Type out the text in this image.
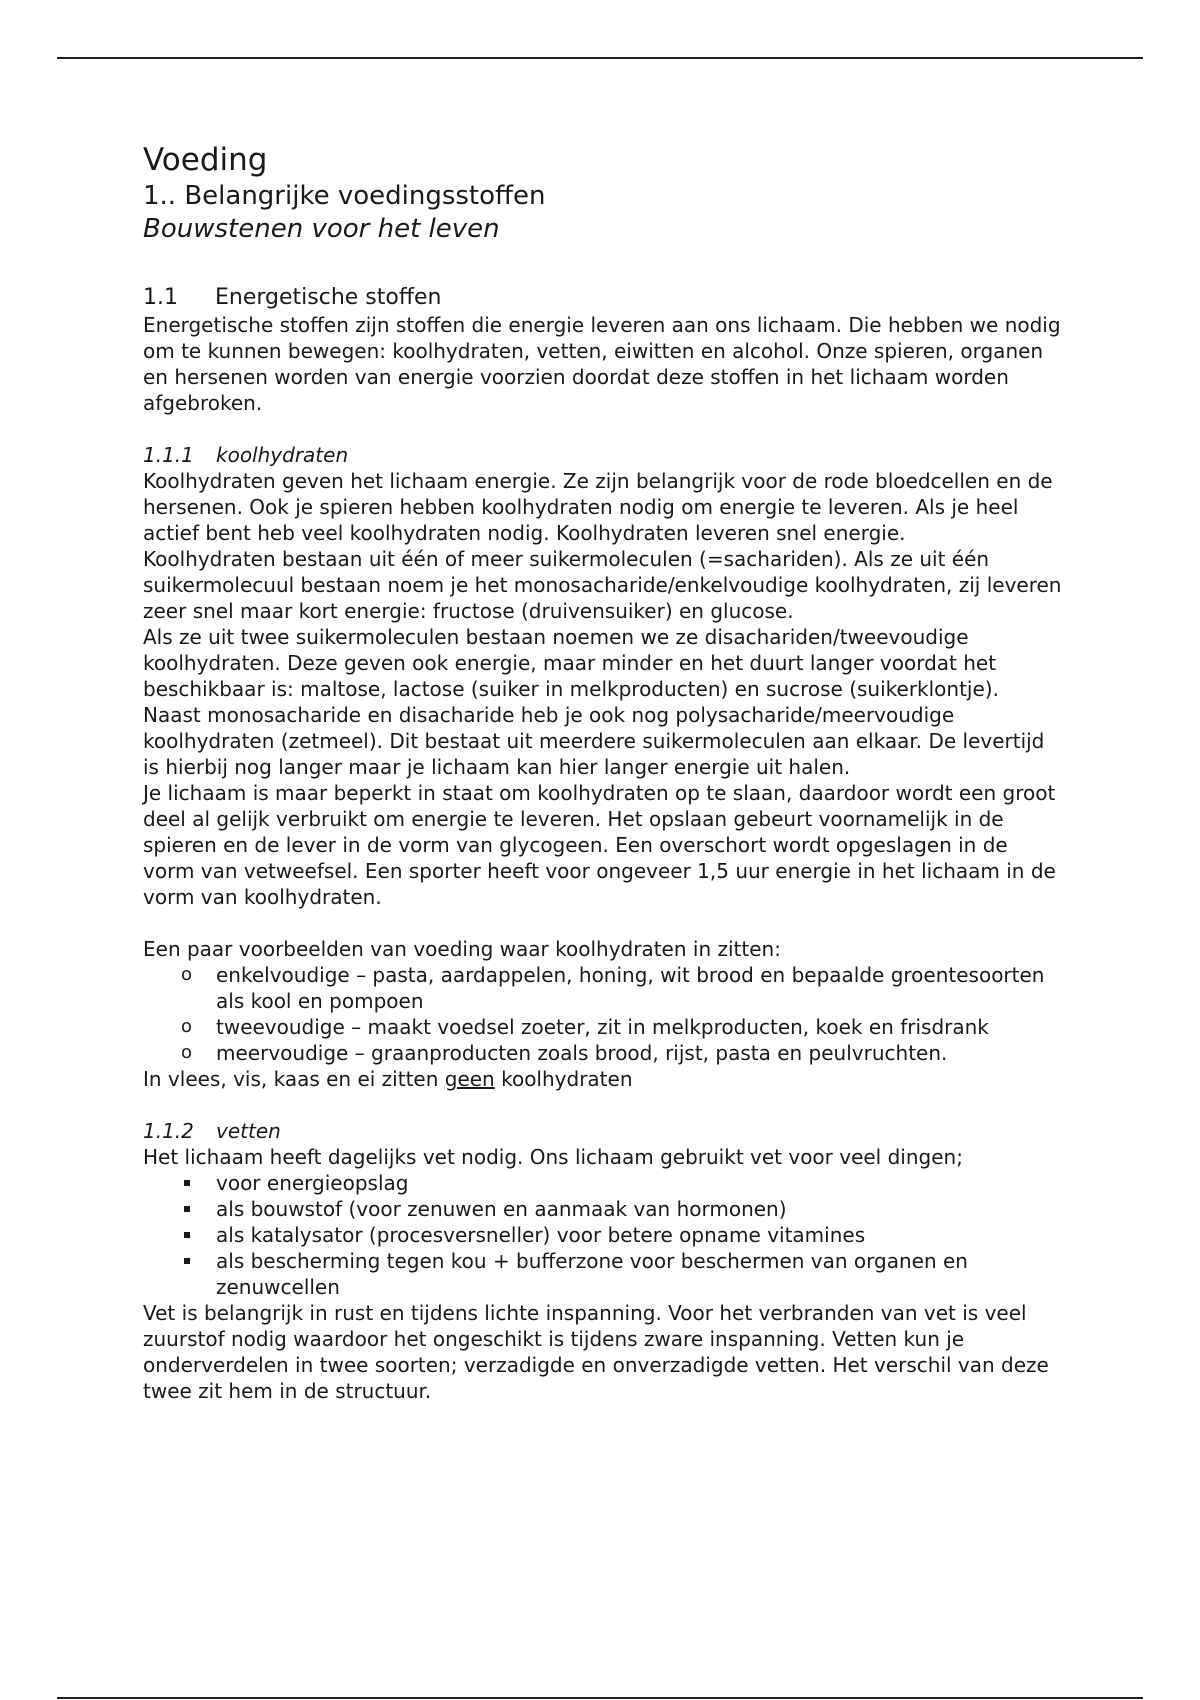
Voeding
1.. Belangrijke voedingsstoffen
Bouwstenen voor het leven
1.1	Energetische stoffen

Energetische stoffen zijn stoffen die energie leveren aan ons lichaam. Die hebben we nodig om te kunnen bewegen: koolhydraten, vetten, eiwitten en alcohol. Onze spieren, organen en hersenen worden van energie voorzien doordat deze stoffen in het lichaam worden afgebroken.

1.1.1	koolhydraten

Koolhydraten geven het lichaam energie. Ze zijn belangrijk voor de rode bloedcellen en de hersenen. Ook je spieren hebben koolhydraten nodig om energie te leveren. Als je heel actief bent heb veel koolhydraten nodig. Koolhydraten leveren snel energie.

Koolhydraten bestaan uit één of meer suikermoleculen (=sachariden). Als ze uit één suikermolecuul bestaan noem je het monosacharide/enkelvoudige koolhydraten, zij leveren zeer snel maar kort energie: fructose (druivensuiker) en glucose.

Als ze uit twee suikermoleculen bestaan noemen we ze disachariden/tweevoudige koolhydraten. Deze geven ook energie, maar minder en het duurt langer voordat het beschikbaar is: maltose, lactose (suiker in melkproducten) en sucrose (suikerklontje).

Naast monosacharide en disacharide heb je ook nog polysacharide/meervoudige koolhydraten (zetmeel). Dit bestaat uit meerdere suikermoleculen aan elkaar. De levertijd is hierbij nog langer maar je lichaam kan hier langer energie uit halen.

Je lichaam is maar beperkt in staat om koolhydraten op te slaan, daardoor wordt een groot deel al gelijk verbruikt om energie te leveren. Het opslaan gebeurt voornamelijk in de spieren en de lever in de vorm van glycogeen. Een overschort wordt opgeslagen in de vorm van vetweefsel. Een sporter heeft voor ongeveer 1,5 uur energie in het lichaam in de vorm van koolhydraten.

Een paar voorbeelden van voeding waar koolhydraten in zitten:

o enkelvoudige – pasta, aardappelen, honing, wit brood en bepaalde groentesoorten als kool en pompoen
o tweevoudige – maakt voedsel zoeter, zit in melkproducten, koek en frisdrank
o meervoudige – graanproducten zoals brood, rijst, pasta en peulvruchten.

In vlees, vis, kaas en ei zitten geen koolhydraten

1.1.2	vetten

Het lichaam heeft dagelijks vet nodig. Ons lichaam gebruikt vet voor veel dingen;

voor energieopslag
als bouwstof (voor zenuwen en aanmaak van hormonen)
als katalysator (procesversneller) voor betere opname vitamines
als bescherming tegen kou + bufferzone voor beschermen van organen en zenuwcellen

Vet is belangrijk in rust en tijdens lichte inspanning. Voor het verbranden van vet is veel zuurstof nodig waardoor het ongeschikt is tijdens zware inspanning. Vetten kun je onderverdelen in twee soorten; verzadigde en onverzadigde vetten. Het verschil van deze twee zit hem in de structuur.
